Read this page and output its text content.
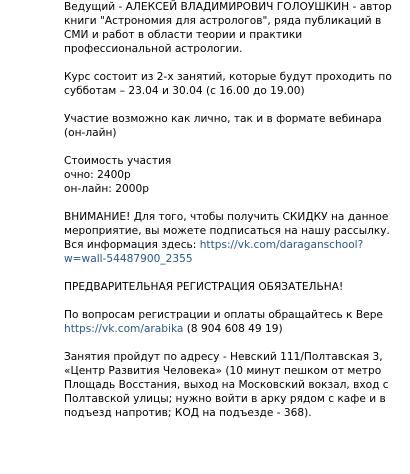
Ведущий - АЛЕКСЕЙ ВЛАДИМИРОВИЧ ГОЛОУШКИН - автор книги "Астрономия для астрологов", ряда публикаций в СМИ и работ в области теории и практики профессиональной астрологии.
Курс состоит из 2-х занятий, которые будут проходить по субботам – 23.04 и 30.04 (с 16.00 до 19.00)
Участие возможно как лично, так и в формате вебинара (он-лайн)
Стоимость участия
очно: 2400р
он-лайн: 2000р
ВНИМАНИЕ! Для того, чтобы получить СКИДКУ на данное мероприятие, вы можете подписаться на нашу рассылку.
Вся информация здесь: https://vk.com/daraganschool?w=wall-54487900_2355
ПРЕДВАРИТЕЛЬНАЯ РЕГИСТРАЦИЯ ОБЯЗАТЕЛЬНА!
По вопросам регистрации и оплаты обращайтесь к Вере
https://vk.com/arabika (8 904 608 49 19)
Занятия пройдут по адресу - Невский 111/Полтавская 3, «Центр Развития Человека» (10 минут пешком от метро Площадь Восстания, выход на Московский вокзал, вход с Полтавской улицы; нужно войти в арку рядом с кафе и в подъезд напротив; КОД на подъезде - 368).
